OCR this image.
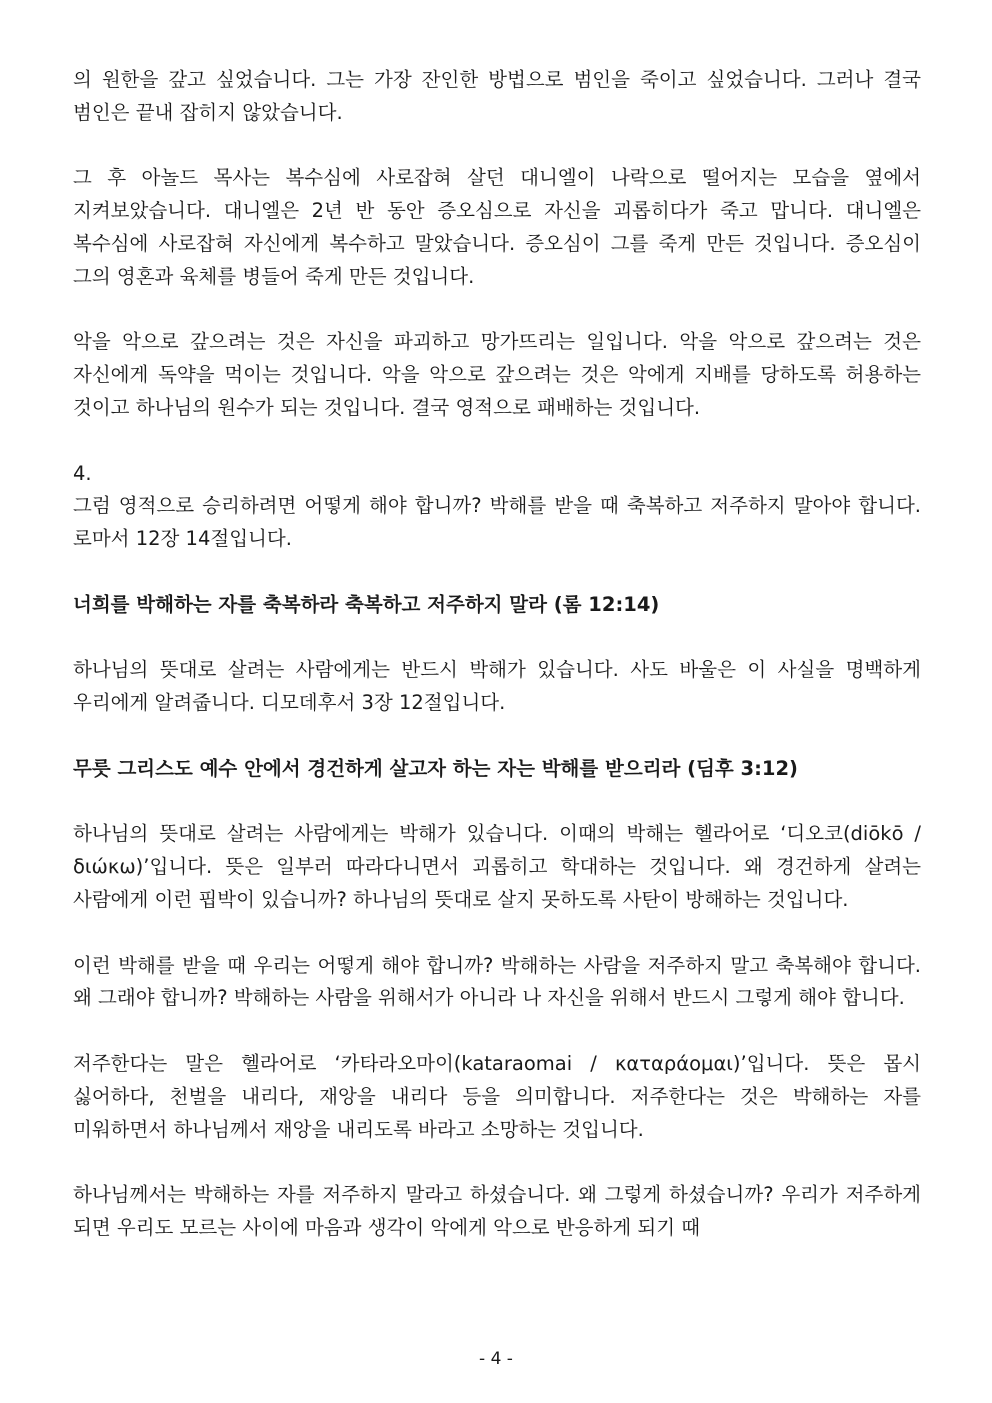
의 원한을 갚고 싶었습니다. 그는 가장 잔인한 방법으로 범인을 죽이고 싶었습니다. 그러나 결국 범인은 끝내 잡히지 않았습니다.

그 후 아놀드 목사는 복수심에 사로잡혀 살던 대니엘이 나락으로 떨어지는 모습을 옆에서 지켜보았습니다. 대니엘은 2년 반 동안 증오심으로 자신을 괴롭히다가 죽고 맙니다. 대니엘은 복수심에 사로잡혀 자신에게 복수하고 말았습니다. 증오심이 그를 죽게 만든 것입니다. 증오심이 그의 영혼과 육체를 병들어 죽게 만든 것입니다.

악을 악으로 갚으려는 것은 자신을 파괴하고 망가뜨리는 일입니다. 악을 악으로 갚으려는 것은 자신에게 독약을 먹이는 것입니다. 악을 악으로 갚으려는 것은 악에게 지배를 당하도록 허용하는 것이고 하나님의 원수가 되는 것입니다. 결국 영적으로 패배하는 것입니다.

4.

그럼 영적으로 승리하려면 어떻게 해야 합니까? 박해를 받을 때 축복하고 저주하지 말아야 합니다. 로마서 12장 14절입니다.

너희를 박해하는 자를 축복하라 축복하고 저주하지 말라 (롬 12:14)

하나님의 뜻대로 살려는 사람에게는 반드시 박해가 있습니다. 사도 바울은 이 사실을 명백하게 우리에게 알려줍니다. 디모데후서 3장 12절입니다.

무릇 그리스도 예수 안에서 경건하게 살고자 하는 자는 박해를 받으리라 (딤후 3:12)

하나님의 뜻대로 살려는 사람에게는 박해가 있습니다. 이때의 박해는 헬라어로 ‘디오코(diōkō / διώκω)’입니다. 뜻은 일부러 따라다니면서 괴롭히고 학대하는 것입니다. 왜 경건하게 살려는 사람에게 이런 핍박이 있습니까? 하나님의 뜻대로 살지 못하도록 사탄이 방해하는 것입니다.

이런 박해를 받을 때 우리는 어떻게 해야 합니까? 박해하는 사람을 저주하지 말고 축복해야 합니다. 왜 그래야 합니까? 박해하는 사람을 위해서가 아니라 나 자신을 위해서 반드시 그렇게 해야 합니다.

저주한다는 말은 헬라어로 ‘카타라오마이(kataraomai / καταράομαι)’입니다. 뜻은 몹시 싫어하다, 천벌을 내리다, 재앙을 내리다 등을 의미합니다. 저주한다는 것은 박해하는 자를 미워하면서 하나님께서 재앙을 내리도록 바라고 소망하는 것입니다.

하나님께서는 박해하는 자를 저주하지 말라고 하셨습니다. 왜 그렇게 하셨습니까? 우리가 저주하게 되면 우리도 모르는 사이에 마음과 생각이 악에게 악으로 반응하게 되기 때

- 4 -
